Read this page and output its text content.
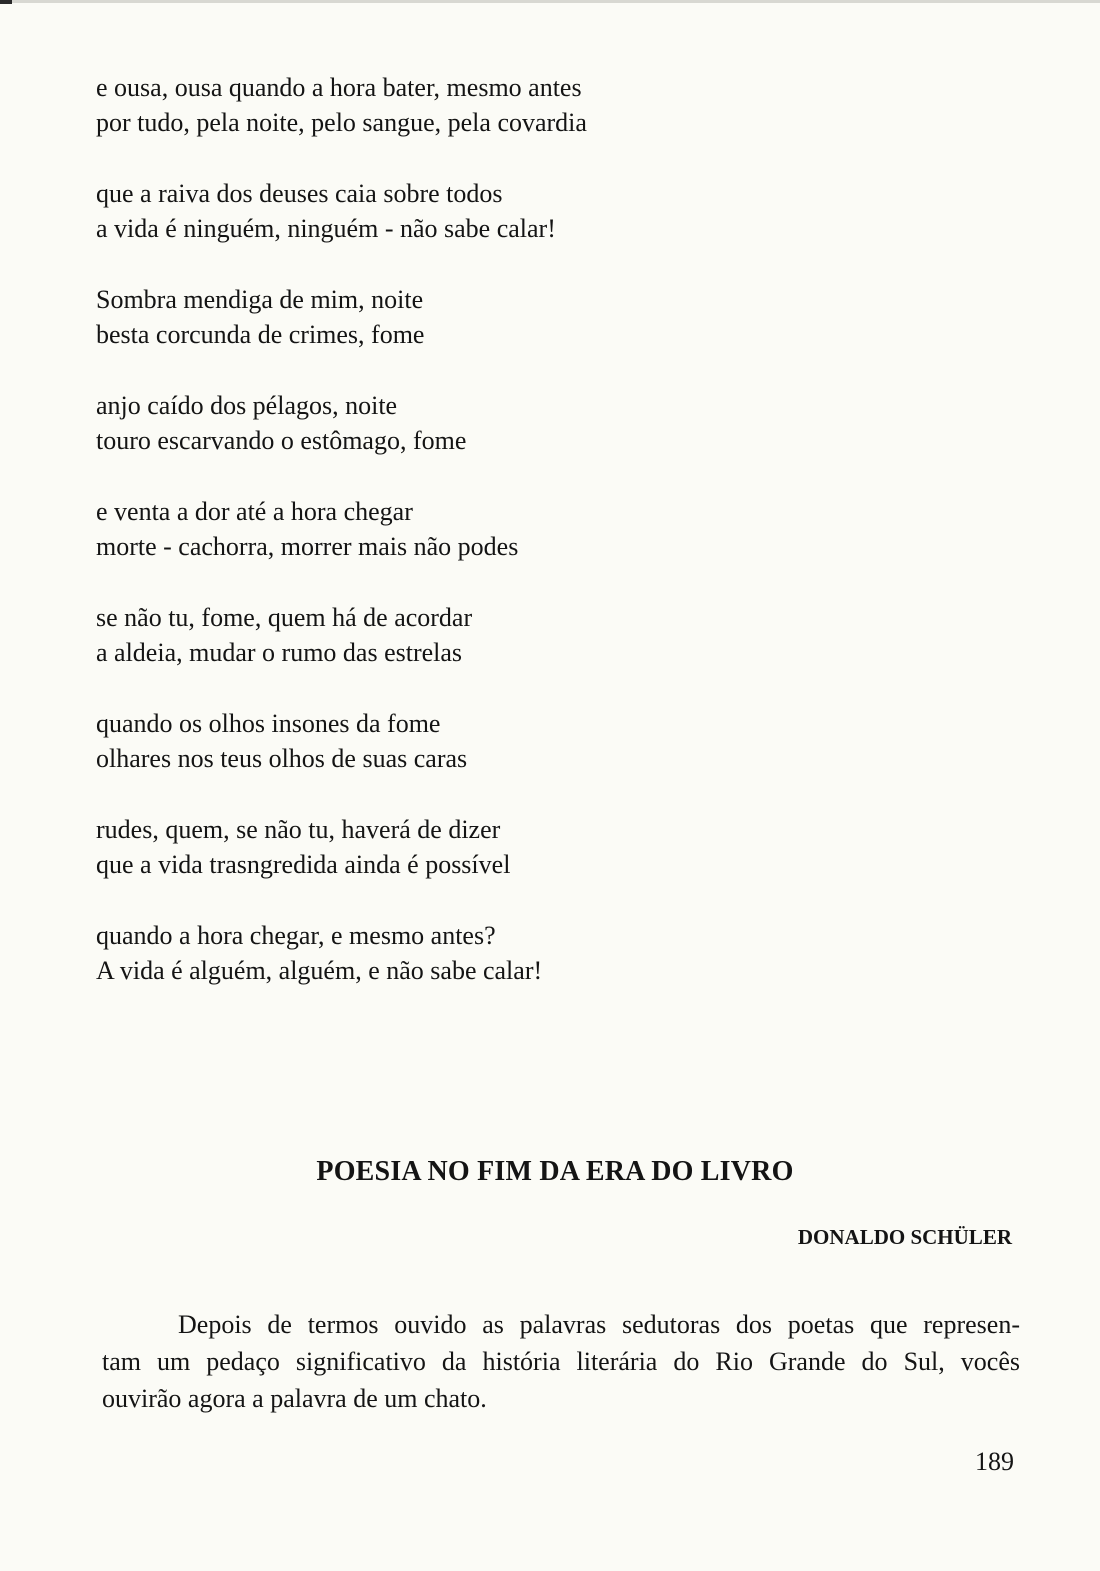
e ousa, ousa quando a hora bater, mesmo antes
por tudo, pela noite, pelo sangue, pela covardia
que a raiva dos deuses caia sobre todos
a vida é ninguém, ninguém - não sabe calar!
Sombra mendiga de mim, noite
besta corcunda de crimes, fome
anjo caído dos pélagos, noite
touro escarvando o estômago, fome
e venta a dor até a hora chegar
morte - cachorra, morrer mais não podes
se não tu, fome, quem há de acordar
a aldeia, mudar o rumo das estrelas
quando os olhos insones da fome
olhares nos teus olhos de suas caras
rudes, quem, se não tu, haverá de dizer
que a vida trasngredida ainda é possível
quando a hora chegar, e mesmo antes?
A vida é alguém, alguém, e não sabe calar!
POESIA NO FIM DA ERA DO LIVRO
DONALDO SCHÜLER
Depois de termos ouvido as palavras sedutoras dos poetas que represen-
tam um pedaço significativo da história literária do Rio Grande do Sul, vocês
ouvirão agora a palavra de um chato.
189
